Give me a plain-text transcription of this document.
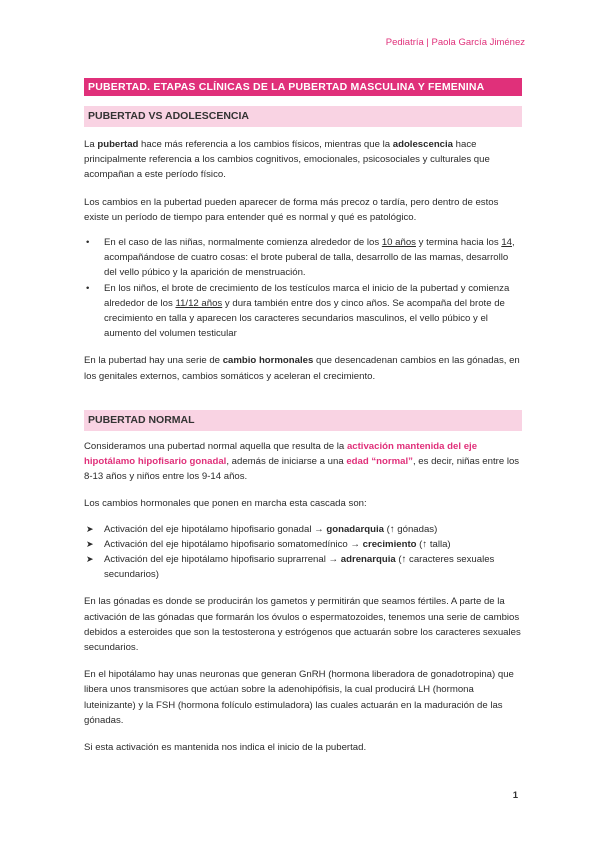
Pediatría | Paola García Jiménez
PUBERTAD. ETAPAS CLÍNICAS DE LA PUBERTAD MASCULINA Y FEMENINA
PUBERTAD VS ADOLESCENCIA

La pubertad hace más referencia a los cambios físicos, mientras que la adolescencia hace principalmente referencia a los cambios cognitivos, emocionales, psicosociales y culturales que acompañan a este período físico.

Los cambios en la pubertad pueden aparecer de forma más precoz o tardía, pero dentro de estos existe un período de tiempo para entender qué es normal y qué es patológico.

• En el caso de las niñas, normalmente comienza alrededor de los 10 años y termina hacia los 14, acompañándose de cuatro cosas: el brote puberal de talla, desarrollo de las mamas, desarrollo del vello púbico y la aparición de menstruación.
• En los niños, el brote de crecimiento de los testículos marca el inicio de la pubertad y comienza alrededor de los 11/12 años y dura también entre dos y cinco años. Se acompaña del brote de crecimiento en talla y aparecen los caracteres secundarios masculinos, el vello púbico y el aumento del volumen testicular

En la pubertad hay una serie de cambio hormonales que desencadenan cambios en las gónadas, en los genitales externos, cambios somáticos y aceleran el crecimiento.

PUBERTAD NORMAL

Consideramos una pubertad normal aquella que resulta de la activación mantenida del eje hipotálamo hipofisario gonadal, además de iniciarse a una edad “normal”, es decir, niñas entre los 8-13 años y niños entre los 9-14 años.

Los cambios hormonales que ponen en marcha esta cascada son:

➤ Activación del eje hipotálamo hipofisario gonadal → gonadarquia (↑ gónadas)
➤ Activación del eje hipotálamo hipofisario somatomedínico → crecimiento (↑ talla)
➤ Activación del eje hipotálamo hipofisario suprarrenal → adrenarquia (↑ caracteres sexuales secundarios)

En las gónadas es donde se producirán los gametos y permitirán que seamos fértiles. A parte de la activación de las gónadas que formarán los óvulos o espermatozoides, tenemos una serie de cambios debidos a esteroides que son la testosterona y estrógenos que actuarán sobre los caracteres sexuales secundarios.

En el hipotálamo hay unas neuronas que generan GnRH (hormona liberadora de gonadotropina) que libera unos transmisores que actúan sobre la adenohipófisis, la cual producirá LH (hormona luteinizante) y la FSH (hormona folículo estimuladora) las cuales actuarán en la maduración de las gónadas.

Si esta activación es mantenida nos indica el inicio de la pubertad.

1
